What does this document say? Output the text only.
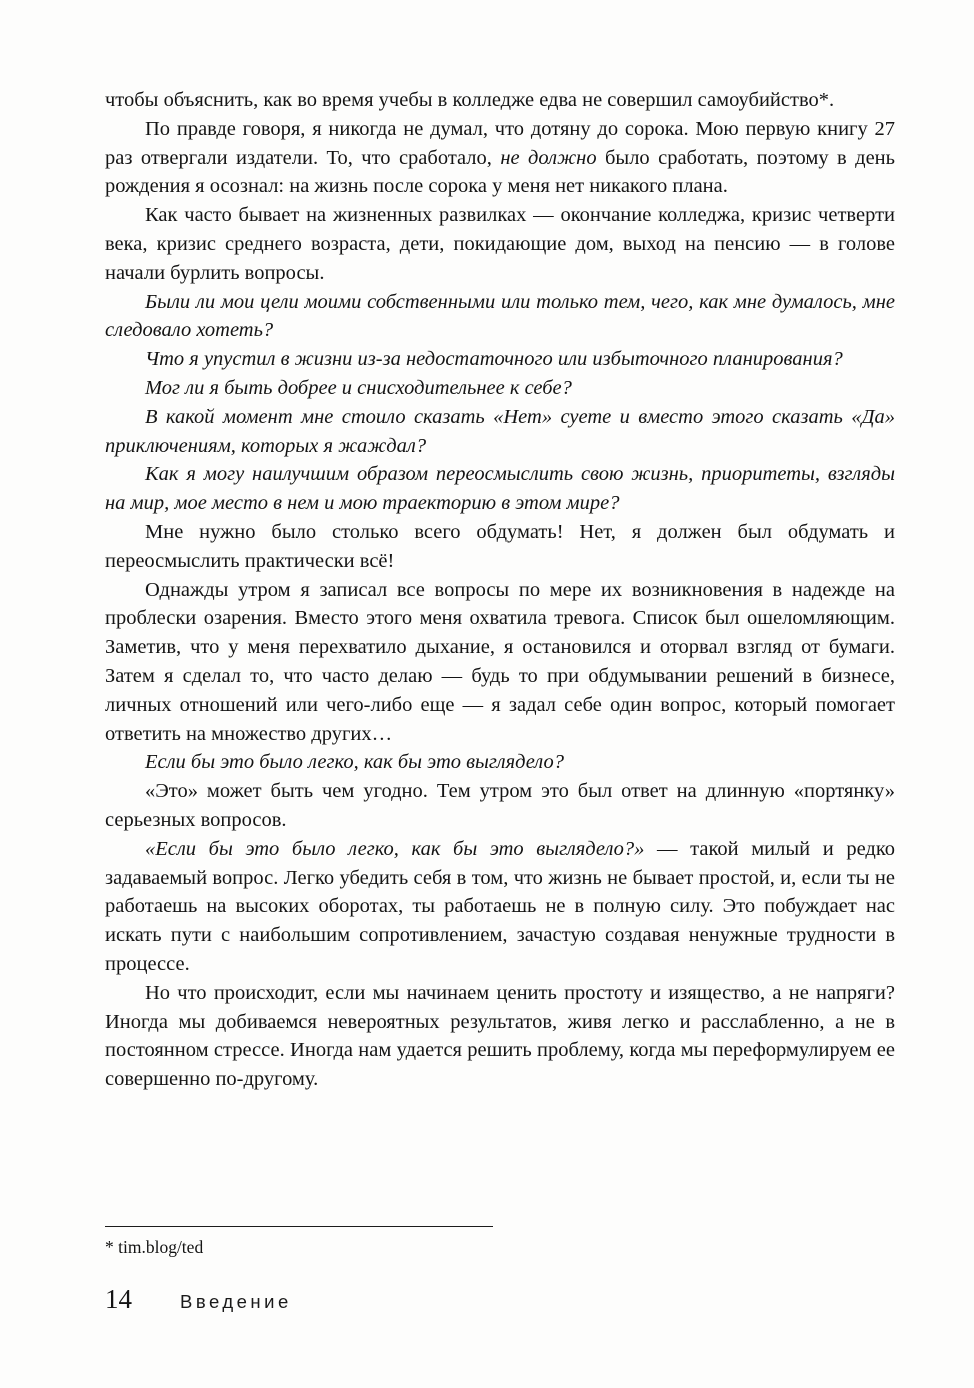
чтобы объяснить, как во время учебы в колледже едва не совершил самоубийство*.

По правде говоря, я никогда не думал, что дотяну до сорока. Мою первую книгу 27 раз отвергали издатели. То, что сработало, не должно было сработать, поэтому в день рождения я осознал: на жизнь после сорока у меня нет никакого плана.

Как часто бывает на жизненных развилках — окончание колледжа, кризис четверти века, кризис среднего возраста, дети, покидающие дом, выход на пенсию — в голове начали бурлить вопросы.

Были ли мои цели моими собственными или только тем, чего, как мне думалось, мне следовало хотеть?

Что я упустил в жизни из-за недостаточного или избыточного планирования?

Мог ли я быть добрее и снисходительнее к себе?

В какой момент мне стоило сказать «Нет» суете и вместо этого сказать «Да» приключениям, которых я жаждал?

Как я могу наилучшим образом переосмыслить свою жизнь, приоритеты, взгляды на мир, мое место в нем и мою траекторию в этом мире?

Мне нужно было столько всего обдумать! Нет, я должен был обдумать и переосмыслить практически всё!

Однажды утром я записал все вопросы по мере их возникновения в надежде на проблески озарения. Вместо этого меня охватила тревога. Список был ошеломляющим. Заметив, что у меня перехватило дыхание, я остановился и оторвал взгляд от бумаги. Затем я сделал то, что часто делаю — будь то при обдумывании решений в бизнесе, личных отношений или чего-либо еще — я задал себе один вопрос, который помогает ответить на множество других…

Если бы это было легко, как бы это выглядело?

«Это» может быть чем угодно. Тем утром это был ответ на длинную «портянку» серьезных вопросов.

«Если бы это было легко, как бы это выглядело?» — такой милый и редко задаваемый вопрос. Легко убедить себя в том, что жизнь не бывает простой, и, если ты не работаешь на высоких оборотах, ты работаешь не в полную силу. Это побуждает нас искать пути с наибольшим сопротивлением, зачастую создавая ненужные трудности в процессе.

Но что происходит, если мы начинаем ценить простоту и изящество, а не напряги? Иногда мы добиваемся невероятных результатов, живя легко и расслабленно, а не в постоянном стрессе. Иногда нам удается решить проблему, когда мы переформулируем ее совершенно по-другому.

* tim.blog/ted
14	Введение
